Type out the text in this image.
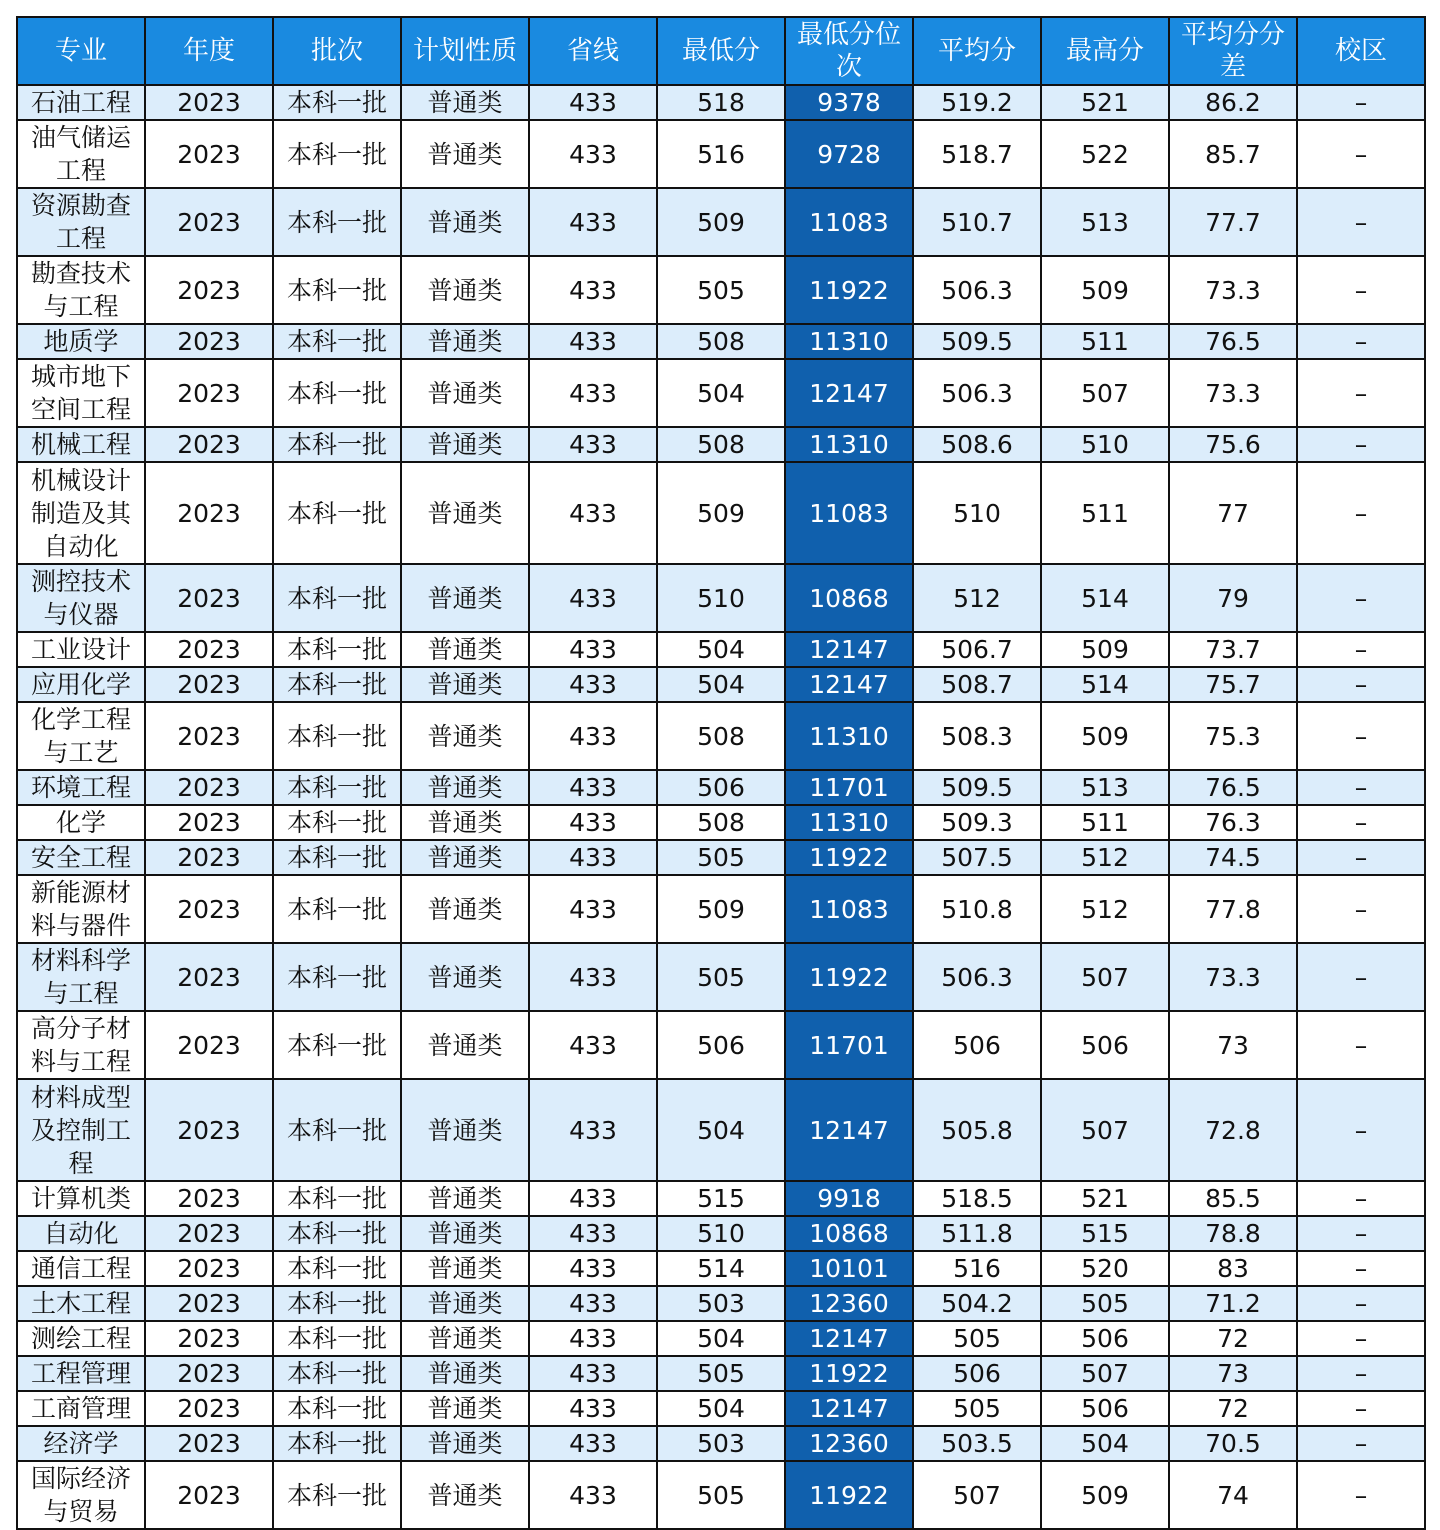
专业	年度	批次	计划性质	省线	最低分	最低分位次	平均分	最高分	平均分分差	校区
石油工程	2023	本科一批	普通类	433	518	9378	519.2	521	86.2	–
油气储运工程	2023	本科一批	普通类	433	516	9728	518.7	522	85.7	–
资源勘查工程	2023	本科一批	普通类	433	509	11083	510.7	513	77.7	–
勘查技术与工程	2023	本科一批	普通类	433	505	11922	506.3	509	73.3	–
地质学	2023	本科一批	普通类	433	508	11310	509.5	511	76.5	–
城市地下空间工程	2023	本科一批	普通类	433	504	12147	506.3	507	73.3	–
机械工程	2023	本科一批	普通类	433	508	11310	508.6	510	75.6	–
机械设计制造及其自动化	2023	本科一批	普通类	433	509	11083	510	511	77	–
测控技术与仪器	2023	本科一批	普通类	433	510	10868	512	514	79	–
工业设计	2023	本科一批	普通类	433	504	12147	506.7	509	73.7	–
应用化学	2023	本科一批	普通类	433	504	12147	508.7	514	75.7	–
化学工程与工艺	2023	本科一批	普通类	433	508	11310	508.3	509	75.3	–
环境工程	2023	本科一批	普通类	433	506	11701	509.5	513	76.5	–
化学	2023	本科一批	普通类	433	508	11310	509.3	511	76.3	–
安全工程	2023	本科一批	普通类	433	505	11922	507.5	512	74.5	–
新能源材料与器件	2023	本科一批	普通类	433	509	11083	510.8	512	77.8	–
材料科学与工程	2023	本科一批	普通类	433	505	11922	506.3	507	73.3	–
高分子材料与工程	2023	本科一批	普通类	433	506	11701	506	506	73	–
材料成型及控制工程	2023	本科一批	普通类	433	504	12147	505.8	507	72.8	–
计算机类	2023	本科一批	普通类	433	515	9918	518.5	521	85.5	–
自动化	2023	本科一批	普通类	433	510	10868	511.8	515	78.8	–
通信工程	2023	本科一批	普通类	433	514	10101	516	520	83	–
土木工程	2023	本科一批	普通类	433	503	12360	504.2	505	71.2	–
测绘工程	2023	本科一批	普通类	433	504	12147	505	506	72	–
工程管理	2023	本科一批	普通类	433	505	11922	506	507	73	–
工商管理	2023	本科一批	普通类	433	504	12147	505	506	72	–
经济学	2023	本科一批	普通类	433	503	12360	503.5	504	70.5	–
国际经济与贸易	2023	本科一批	普通类	433	505	11922	507	509	74	–
